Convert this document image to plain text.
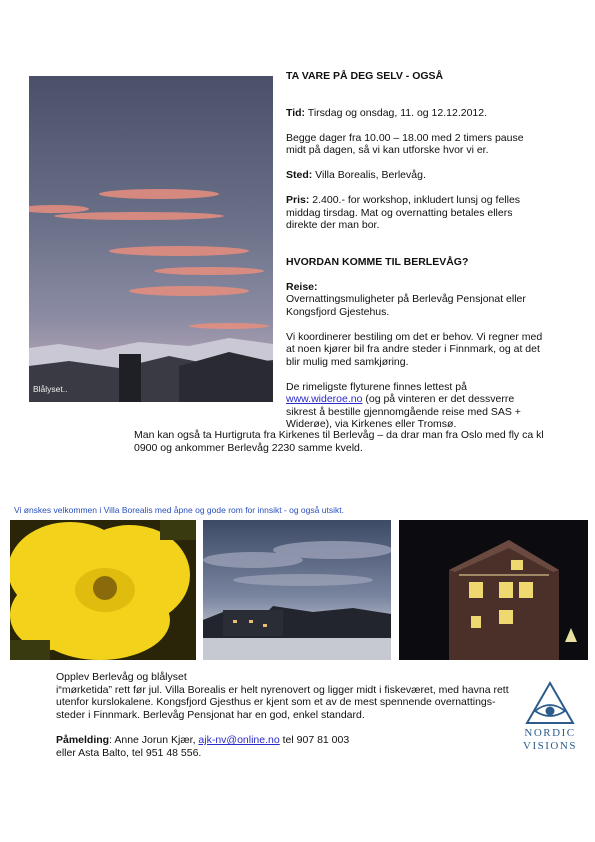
Blålyset..

TA VARE PÅ DEG SELV - OGSÅ

Tid: Tirsdag og onsdag, 11. og 12.12.2012.

Begge dager fra 10.00 – 18.00 med 2 timers pause midt på dagen, så vi kan utforske hvor vi er.

Sted: Villa Borealis, Berlevåg.

Pris: 2.400.- for workshop, inkludert lunsj og felles middag tirsdag. Mat og overnatting betales ellers direkte der man bor.

HVORDAN KOMME TIL BERLEVÅG?

Reise:
Overnattingsmuligheter på Berlevåg Pensjonat eller Kongsfjord Gjestehus.

Vi koordinerer bestiling om det er behov. Vi regner med at noen kjører bil fra andre steder i Finnmark, og at det blir mulig med samkjøring.

De rimeligste flyturene finnes lettest på www.wideroe.no (og på vinteren er det dessverre sikrest å bestille gjennomgående reise med SAS + Widerøe), via Kirkenes eller Tromsø.

Man kan også ta Hurtigruta fra Kirkenes til Berlevåg – da drar man fra Oslo med fly ca kl 0900 og ankommer Berlevåg 2230 samme kveld.

Vi ønskes velkommen i Villa Borealis med åpne og gode rom for innsikt - og også utsikt.

Opplev Berlevåg og blålyset

i“mørketida” rett før jul. Villa Borealis er helt nyrenovert og ligger midt i fiskeværet, med havna rett utenfor kurslokalene. Kongsfjord Gjesthus er kjent som et av de mest spennende overnattings-steder i Finnmark. Berlevåg Pensjonat har en god, enkel standard.

Påmelding: Anne Jorun Kjær, ajk-nv@online.no tel 907 81 003

eller Asta Balto, tel 951 48 556.

NORDIC
VISIONS
